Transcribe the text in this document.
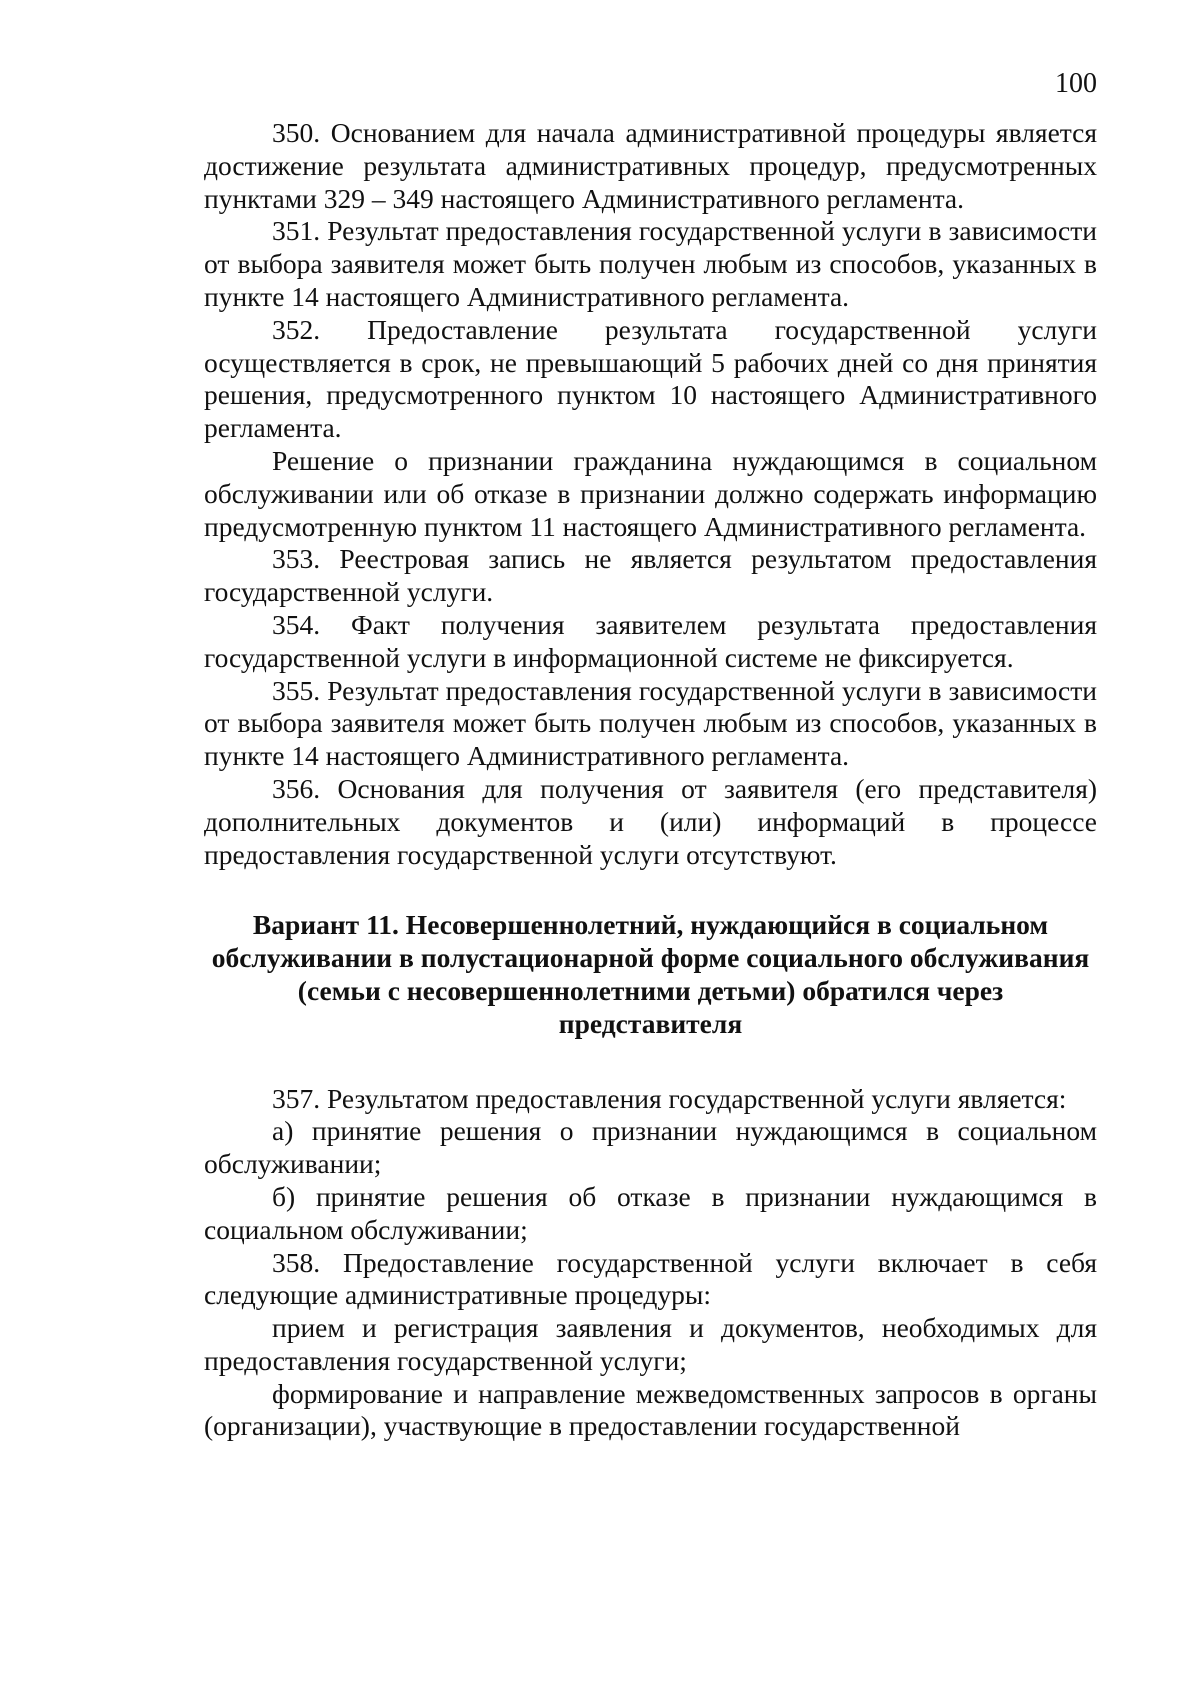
100

350. Основанием для начала административной процедуры является достижение результата административных процедур, предусмотренных пунктами 329 – 349 настоящего Административного регламента.

351. Результат предоставления государственной услуги в зависимости от выбора заявителя может быть получен любым из способов, указанных в пункте 14 настоящего Административного регламента.

352. Предоставление результата государственной услуги осуществляется в срок, не превышающий 5 рабочих дней со дня принятия решения, предусмотренного пунктом 10 настоящего Административного регламента.

Решение о признании гражданина нуждающимся в социальном обслуживании или об отказе в признании должно содержать информацию предусмотренную пунктом 11 настоящего Административного регламента.

353. Реестровая запись не является результатом предоставления государственной услуги.

354. Факт получения заявителем результата предоставления государственной услуги в информационной системе не фиксируется.

355. Результат предоставления государственной услуги в зависимости от выбора заявителя может быть получен любым из способов, указанных в пункте 14 настоящего Административного регламента.

356. Основания для получения от заявителя (его представителя) дополнительных документов и (или) информаций в процессе предоставления государственной услуги отсутствуют.

Вариант 11. Несовершеннолетний, нуждающийся в социальном обслуживании в полустационарной форме социального обслуживания (семьи с несовершеннолетними детьми) обратился через представителя

357. Результатом предоставления государственной услуги является:

а) принятие решения о признании нуждающимся в социальном обслуживании;

б) принятие решения об отказе в признании нуждающимся в социальном обслуживании;

358. Предоставление государственной услуги включает в себя следующие административные процедуры:

прием и регистрация заявления и документов, необходимых для предоставления государственной услуги;

формирование и направление межведомственных запросов в органы (организации), участвующие в предоставлении государственной
